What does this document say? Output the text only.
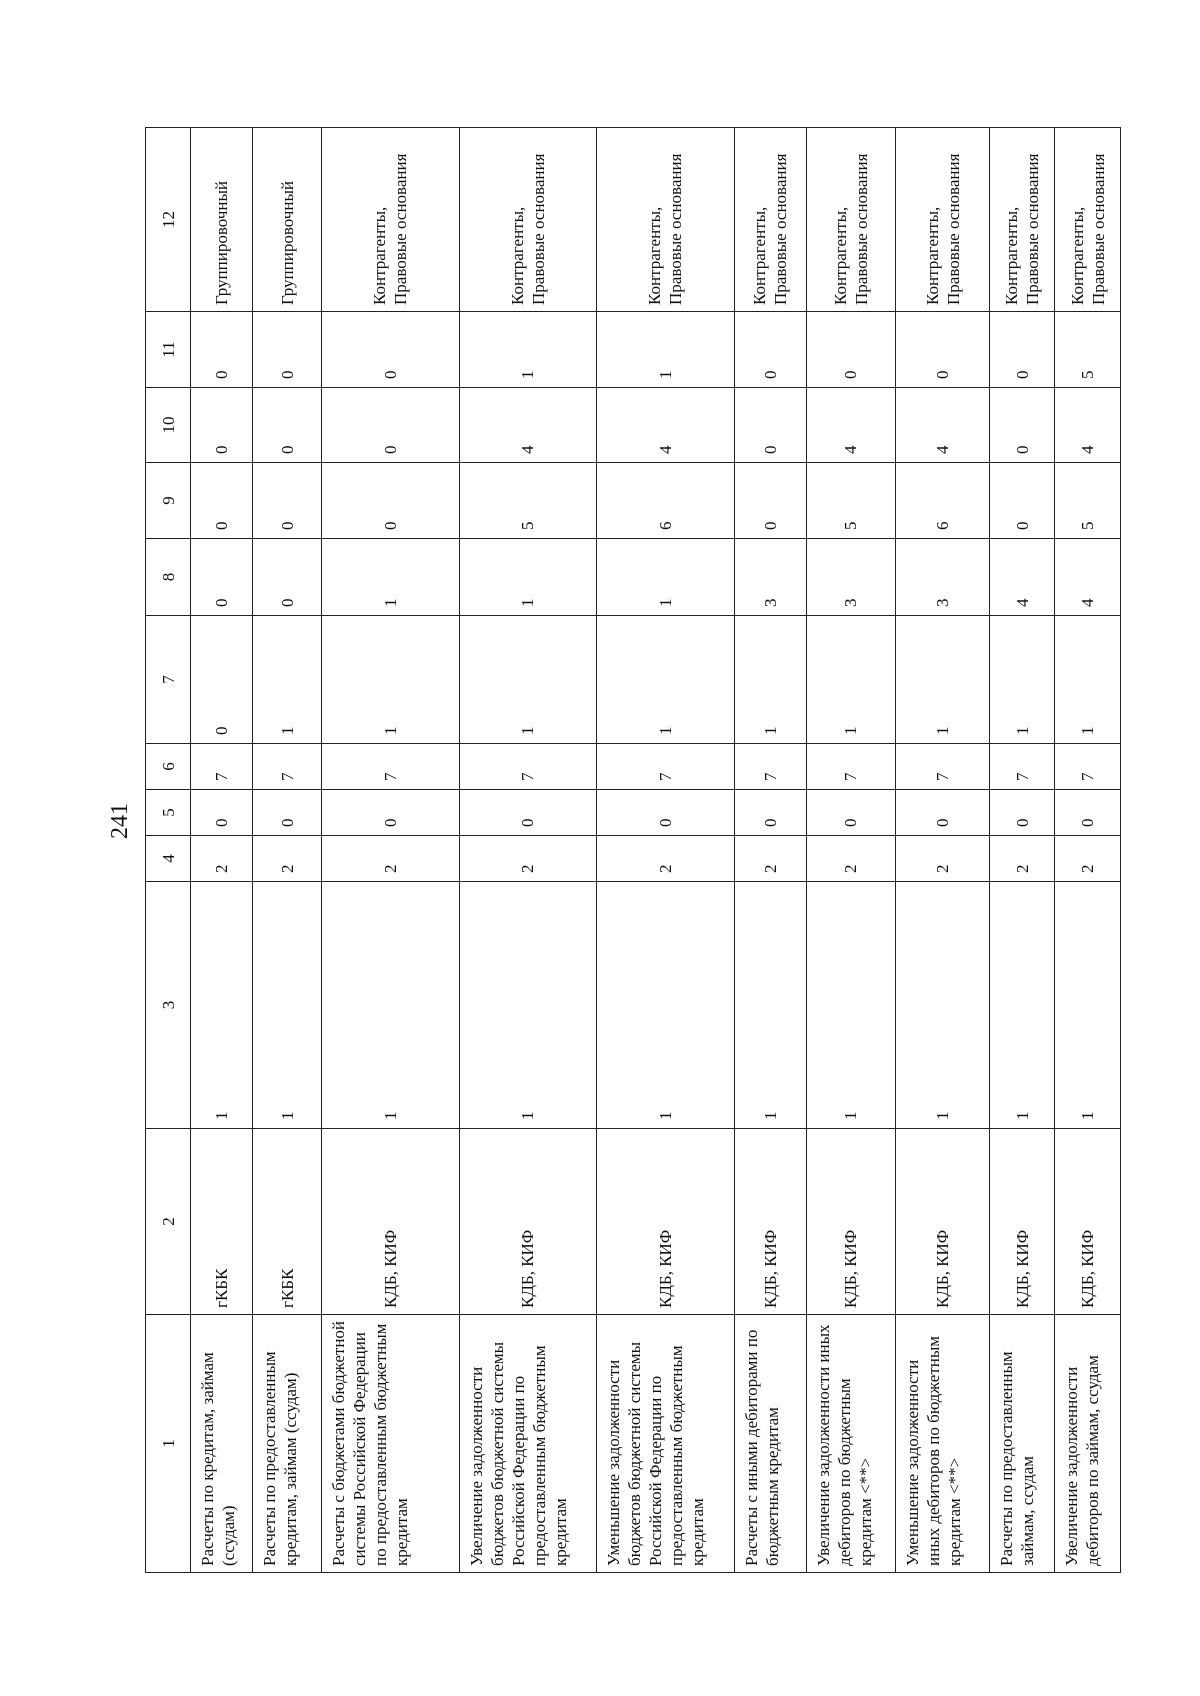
241
1	2	3	4	5	6	7	8	9	10	11	12
Расчеты по кредитам, займам (ссудам)	гКБК	1	2	0	7	0	0	0	0	0	Группировочный
Расчеты по предоставленным кредитам, займам (ссудам)	гКБК	1	2	0	7	1	0	0	0	0	Группировочный
Расчеты с бюджетами бюджетной системы Российской Федерации по предоставленным бюджетным кредитам	КДБ, КИФ	1	2	0	7	1	1	0	0	0	Контрагенты, Правовые основания
Увеличение задолженности бюджетов бюджетной системы Российской Федерации по предоставленным бюджетным кредитам	КДБ, КИФ	1	2	0	7	1	1	5	4	1	Контрагенты, Правовые основания
Уменьшение задолженности бюджетов бюджетной системы Российской Федерации по предоставленным бюджетным кредитам	КДБ, КИФ	1	2	0	7	1	1	6	4	1	Контрагенты, Правовые основания
Расчеты с иными дебиторами по бюджетным кредитам	КДБ, КИФ	1	2	0	7	1	3	0	0	0	Контрагенты, Правовые основания
Увеличение задолженности иных дебиторов по бюджетным кредитам <**>	КДБ, КИФ	1	2	0	7	1	3	5	4	0	Контрагенты, Правовые основания
Уменьшение задолженности иных дебиторов по бюджетным кредитам <**>	КДБ, КИФ	1	2	0	7	1	3	6	4	0	Контрагенты, Правовые основания
Расчеты по предоставленным займам, ссудам	КДБ, КИФ	1	2	0	7	1	4	0	0	0	Контрагенты, Правовые основания
Увеличение задолженности дебиторов по займам, ссудам	КДБ, КИФ	1	2	0	7	1	4	5	4	5	Контрагенты, Правовые основания
